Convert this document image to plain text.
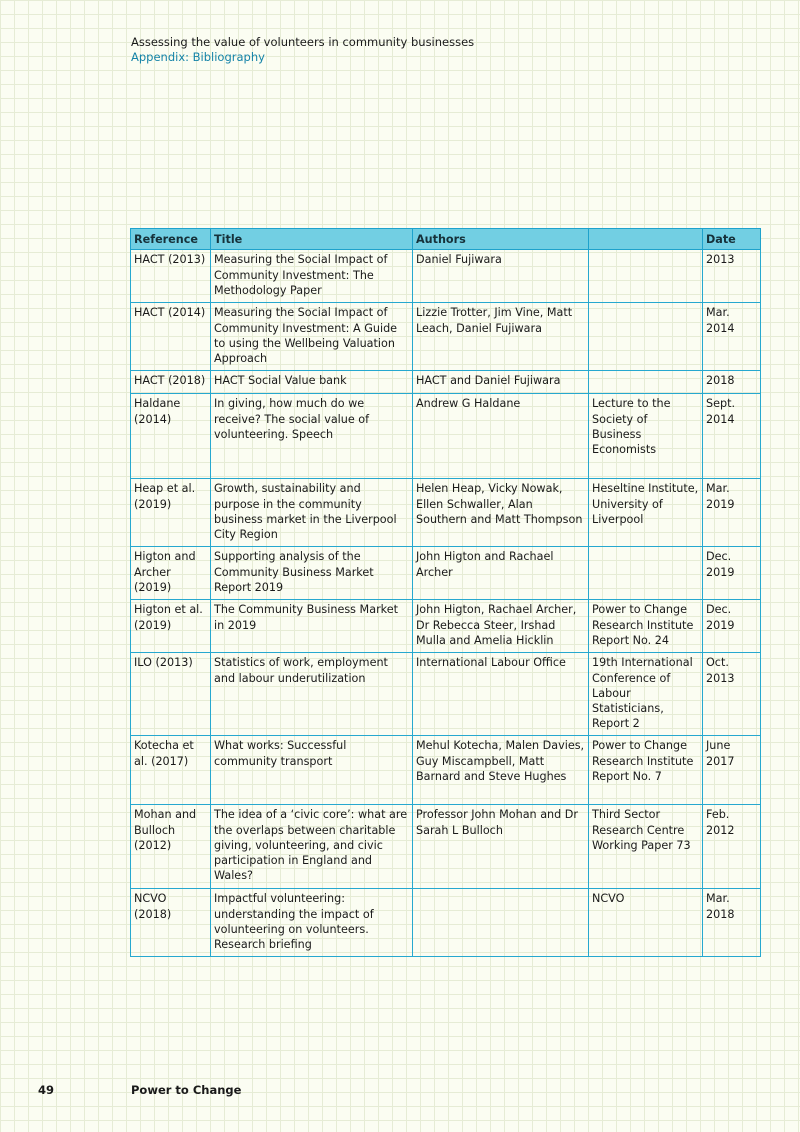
Assessing the value of volunteers in community businesses
Appendix: Bibliography
Reference	Title	Authors		Date
HACT (2013)	Measuring the Social Impact of Community Investment: The Methodology Paper	Daniel Fujiwara		2013
HACT (2014)	Measuring the Social Impact of Community Investment: A Guide to using the Wellbeing Valuation Approach	Lizzie Trotter, Jim Vine, Matt Leach, Daniel Fujiwara		Mar. 2014
HACT (2018)	HACT Social Value bank	HACT and Daniel Fujiwara		2018
Haldane (2014)	In giving, how much do we receive? The social value of volunteering. Speech	Andrew G Haldane	Lecture to the Society of Business Economists	Sept. 2014
Heap et al. (2019)	Growth, sustainability and purpose in the community business market in the Liverpool City Region	Helen Heap, Vicky Nowak, Ellen Schwaller, Alan Southern and Matt Thompson	Heseltine Institute, University of Liverpool	Mar. 2019
Higton and Archer (2019)	Supporting analysis of the Community Business Market Report 2019	John Higton and Rachael Archer		Dec. 2019
Higton et al. (2019)	The Community Business Market in 2019	John Higton, Rachael Archer, Dr Rebecca Steer, Irshad Mulla and Amelia Hicklin	Power to Change Research Institute Report No. 24	Dec. 2019
ILO (2013)	Statistics of work, employment and labour underutilization	International Labour Office	19th International Conference of Labour Statisticians, Report 2	Oct. 2013
Kotecha et al. (2017)	What works: Successful community transport	Mehul Kotecha, Malen Davies, Guy Miscampbell, Matt Barnard and Steve Hughes	Power to Change Research Institute Report No. 7	June 2017
Mohan and Bulloch (2012)	The idea of a ‘civic core’: what are the overlaps between charitable giving, volunteering, and civic participation in England and Wales?	Professor John Mohan and Dr Sarah L Bulloch	Third Sector Research Centre Working Paper 73	Feb. 2012
NCVO (2018)	Impactful volunteering: understanding the impact of volunteering on volunteers. Research briefing		NCVO	Mar. 2018
49	Power to Change
